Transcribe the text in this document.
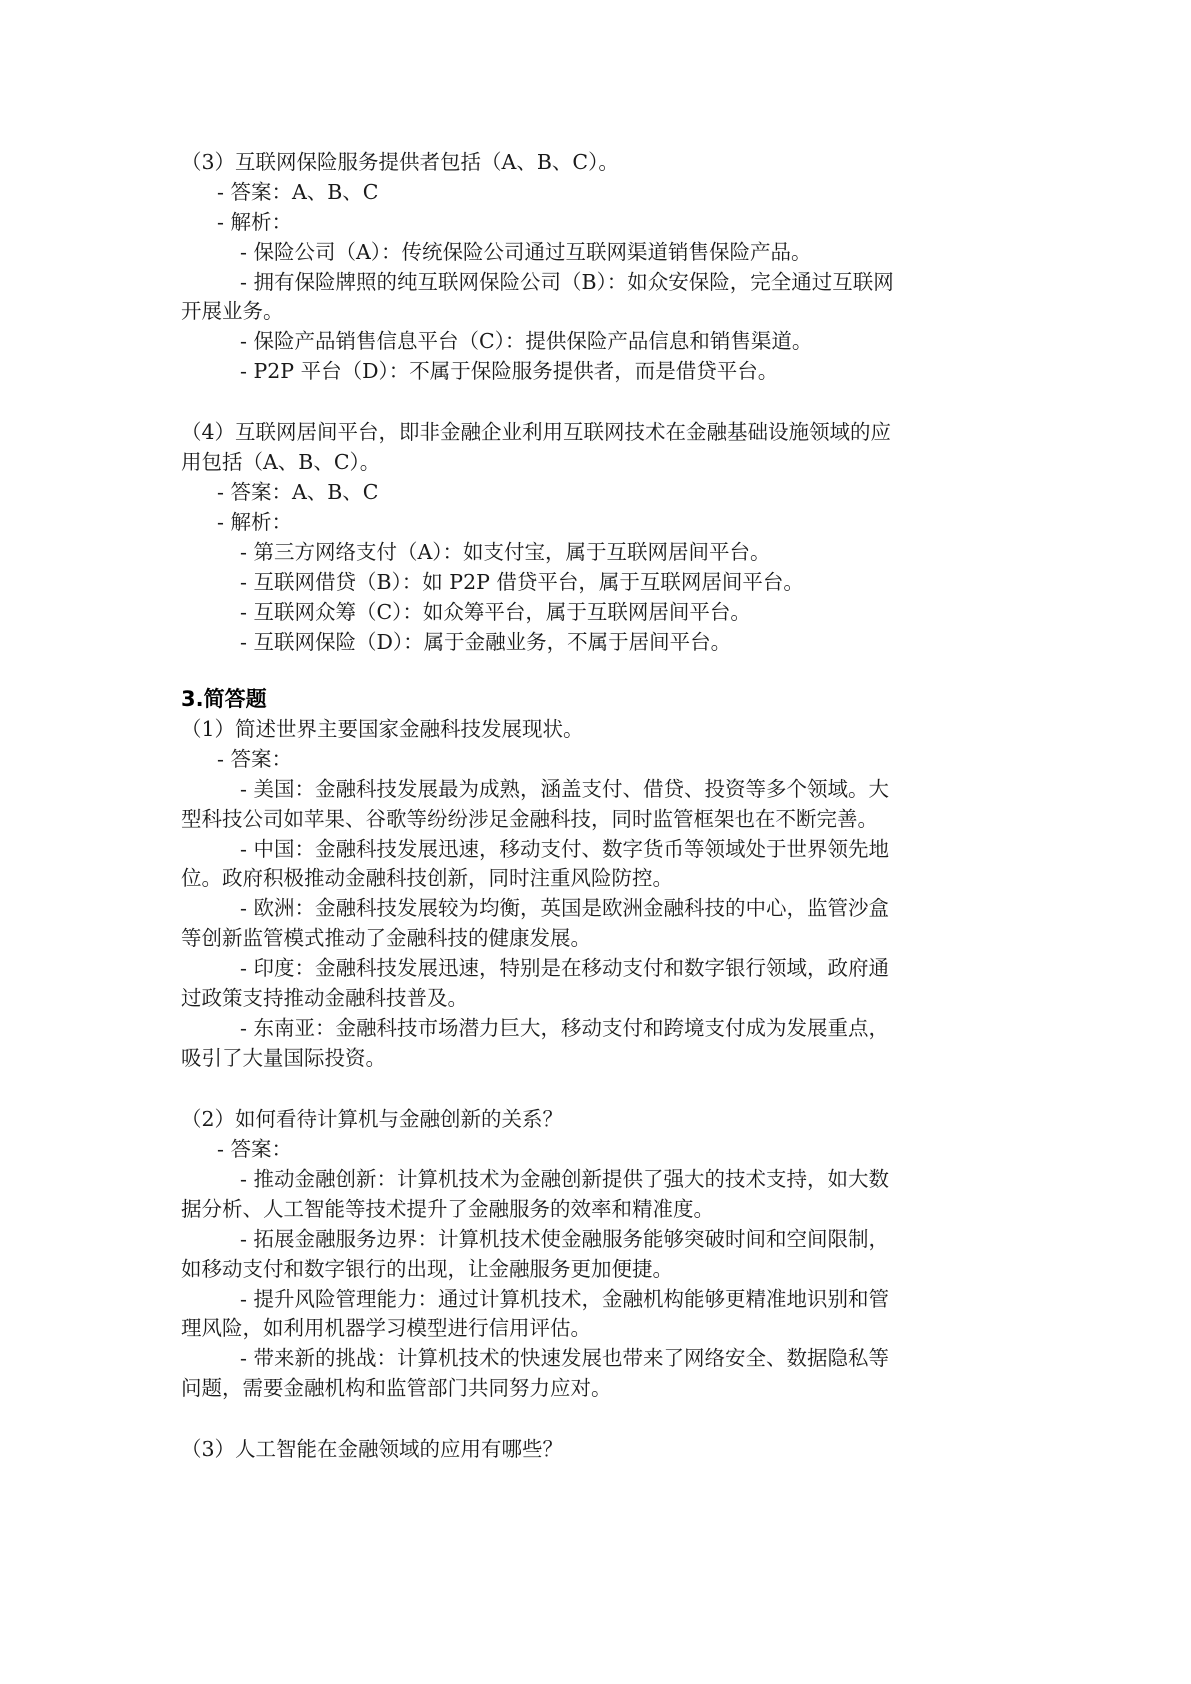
（3）互联网保险服务提供者包括（A、B、C）。
- 答案：A、B、C
- 解析：
- 保险公司（A）：传统保险公司通过互联网渠道销售保险产品。
- 拥有保险牌照的纯互联网保险公司（B）：如众安保险，完全通过互联网
开展业务。
- 保险产品销售信息平台（C）：提供保险产品信息和销售渠道。
- P2P 平台（D）：不属于保险服务提供者，而是借贷平台。
（4）互联网居间平台，即非金融企业利用互联网技术在金融基础设施领域的应
用包括（A、B、C）。
- 答案：A、B、C
- 解析：
- 第三方网络支付（A）：如支付宝，属于互联网居间平台。
- 互联网借贷（B）：如 P2P 借贷平台，属于互联网居间平台。
- 互联网众筹（C）：如众筹平台，属于互联网居间平台。
- 互联网保险（D）：属于金融业务，不属于居间平台。
3.简答题
（1）简述世界主要国家金融科技发展现状。
- 答案：
- 美国：金融科技发展最为成熟，涵盖支付、借贷、投资等多个领域。大
型科技公司如苹果、谷歌等纷纷涉足金融科技，同时监管框架也在不断完善。
- 中国：金融科技发展迅速，移动支付、数字货币等领域处于世界领先地
位。政府积极推动金融科技创新，同时注重风险防控。
- 欧洲：金融科技发展较为均衡，英国是欧洲金融科技的中心，监管沙盒
等创新监管模式推动了金融科技的健康发展。
- 印度：金融科技发展迅速，特别是在移动支付和数字银行领域，政府通
过政策支持推动金融科技普及。
- 东南亚：金融科技市场潜力巨大，移动支付和跨境支付成为发展重点，
吸引了大量国际投资。
（2）如何看待计算机与金融创新的关系？
- 答案：
- 推动金融创新：计算机技术为金融创新提供了强大的技术支持，如大数
据分析、人工智能等技术提升了金融服务的效率和精准度。
- 拓展金融服务边界：计算机技术使金融服务能够突破时间和空间限制，
如移动支付和数字银行的出现，让金融服务更加便捷。
- 提升风险管理能力：通过计算机技术，金融机构能够更精准地识别和管
理风险，如利用机器学习模型进行信用评估。
- 带来新的挑战：计算机技术的快速发展也带来了网络安全、数据隐私等
问题，需要金融机构和监管部门共同努力应对。
（3）人工智能在金融领域的应用有哪些？
